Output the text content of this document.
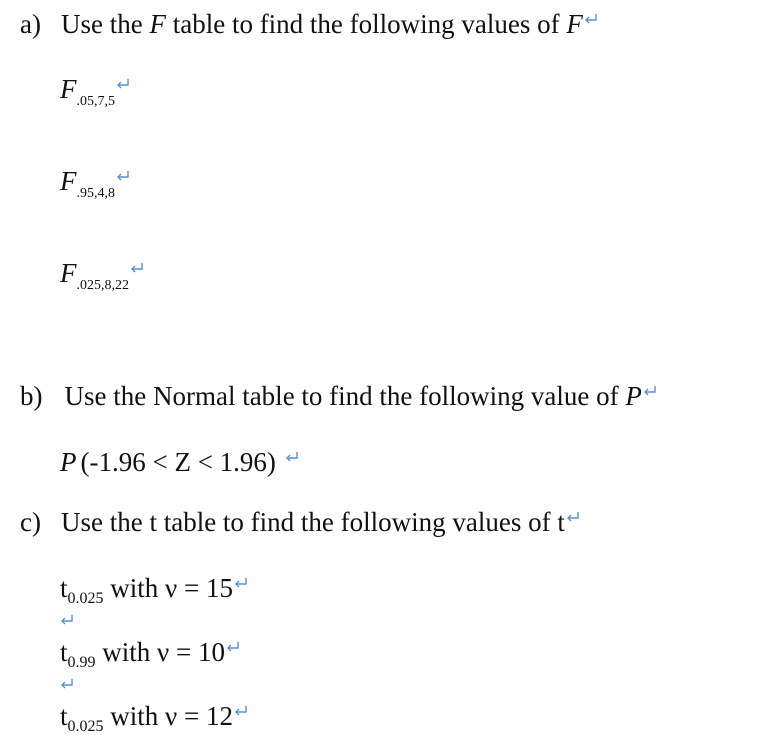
a) Use the F table to find the following values of F
$F_{.05,7,5}$
$F_{.95,4,8}$
$F_{.025,8,22}$
b) Use the Normal table to find the following value of P
P (-1.96 < Z < 1.96)
c) Use the t table to find the following values of t
$t_{0.025}$ with ν = 15
$t_{0.99}$ with ν = 10
$t_{0.025}$ with ν = 12
